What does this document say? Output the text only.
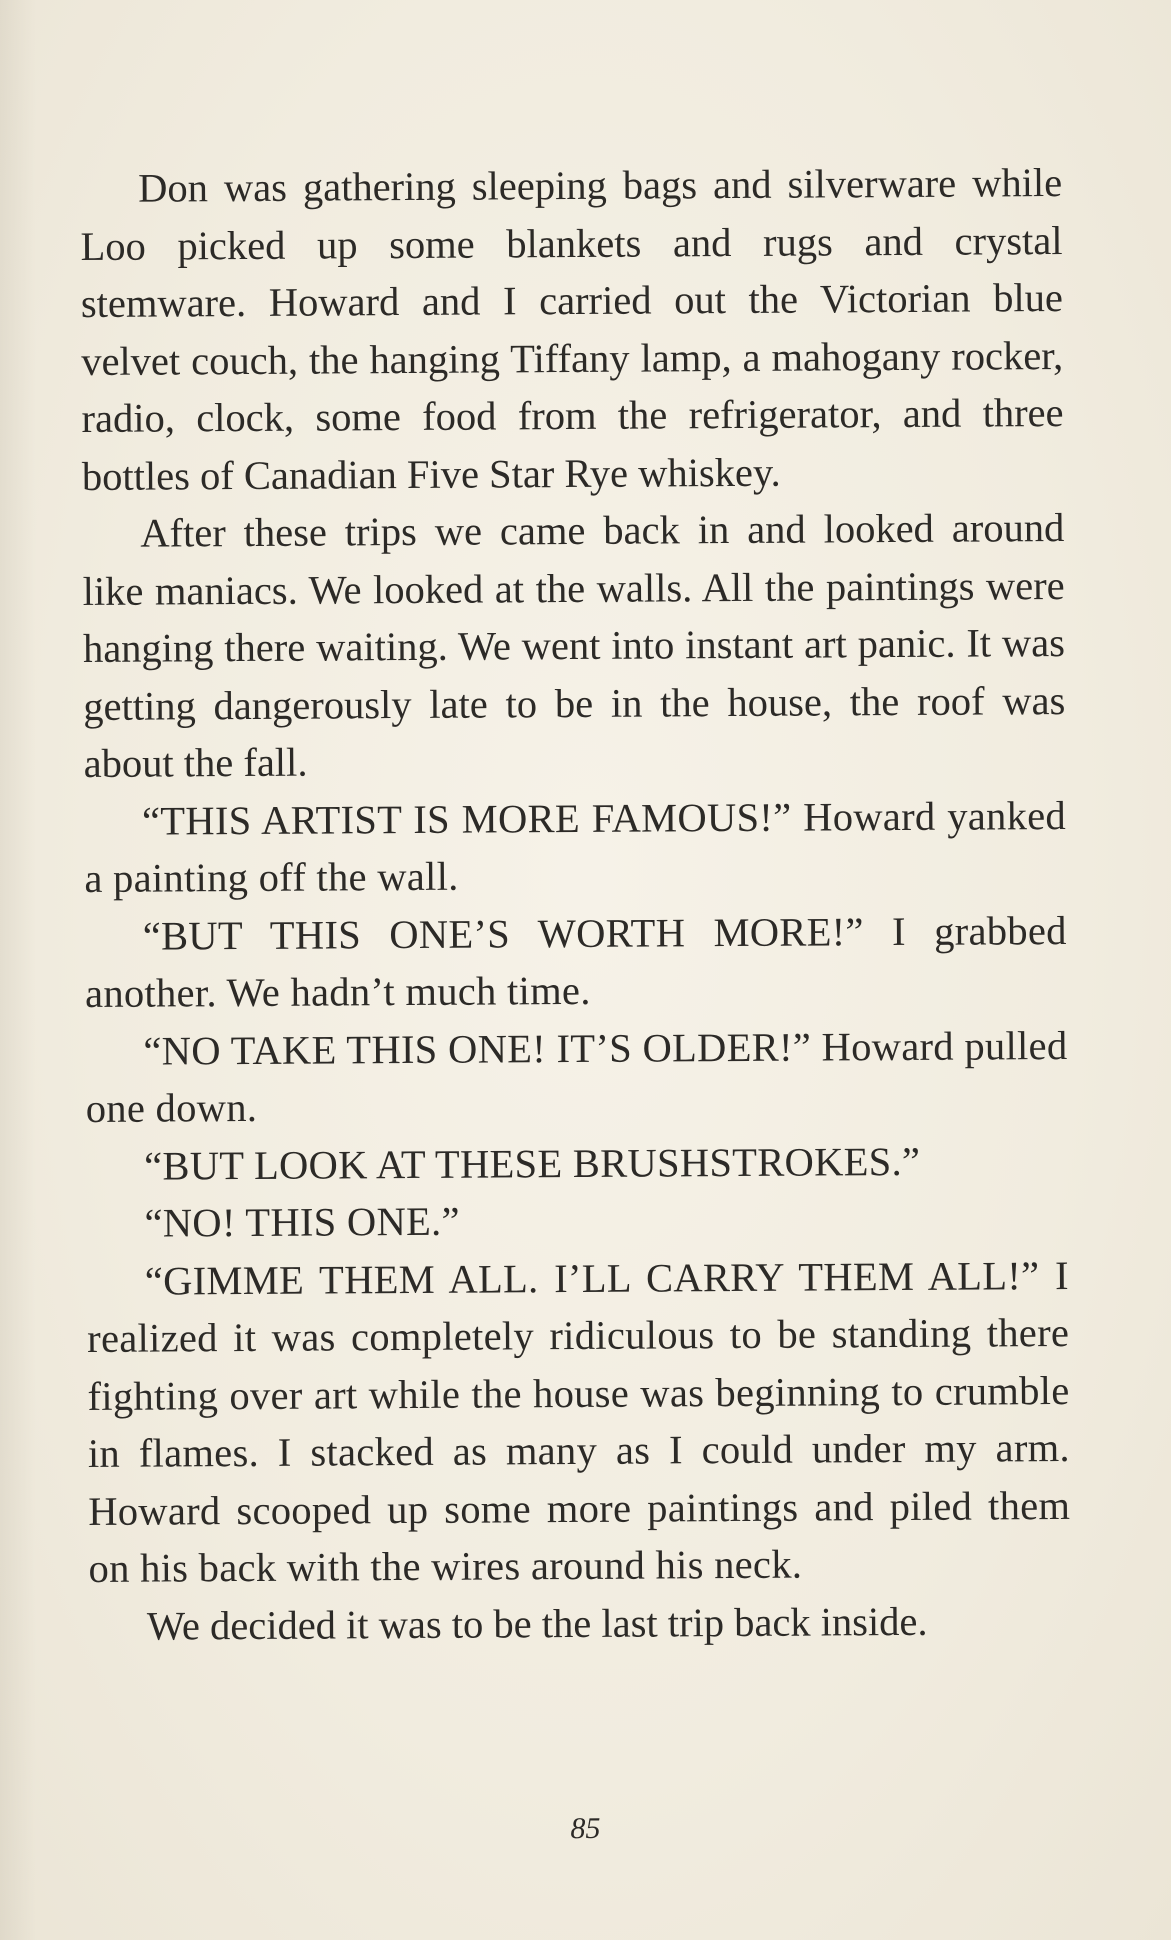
Don was gathering sleeping bags and silverware while Loo picked up some blankets and rugs and crystal stemware. Howard and I carried out the Victorian blue velvet couch, the hanging Tiffany lamp, a mahogany rocker, radio, clock, some food from the refrigerator, and three bottles of Canadian Five Star Rye whiskey.

After these trips we came back in and looked around like maniacs. We looked at the walls. All the paintings were hanging there waiting. We went into instant art panic. It was getting dangerously late to be in the house, the roof was about the fall.

“THIS ARTIST IS MORE FAMOUS!” Howard yanked a painting off the wall.

“BUT THIS ONE’S WORTH MORE!” I grabbed another. We hadn’t much time.

“NO TAKE THIS ONE! IT’S OLDER!” Howard pulled one down.

“BUT LOOK AT THESE BRUSHSTROKES.”

“NO! THIS ONE.”

“GIMME THEM ALL. I’LL CARRY THEM ALL!” I realized it was completely ridiculous to be standing there fighting over art while the house was beginning to crumble in flames. I stacked as many as I could under my arm. Howard scooped up some more paintings and piled them on his back with the wires around his neck.

We decided it was to be the last trip back inside.

85
